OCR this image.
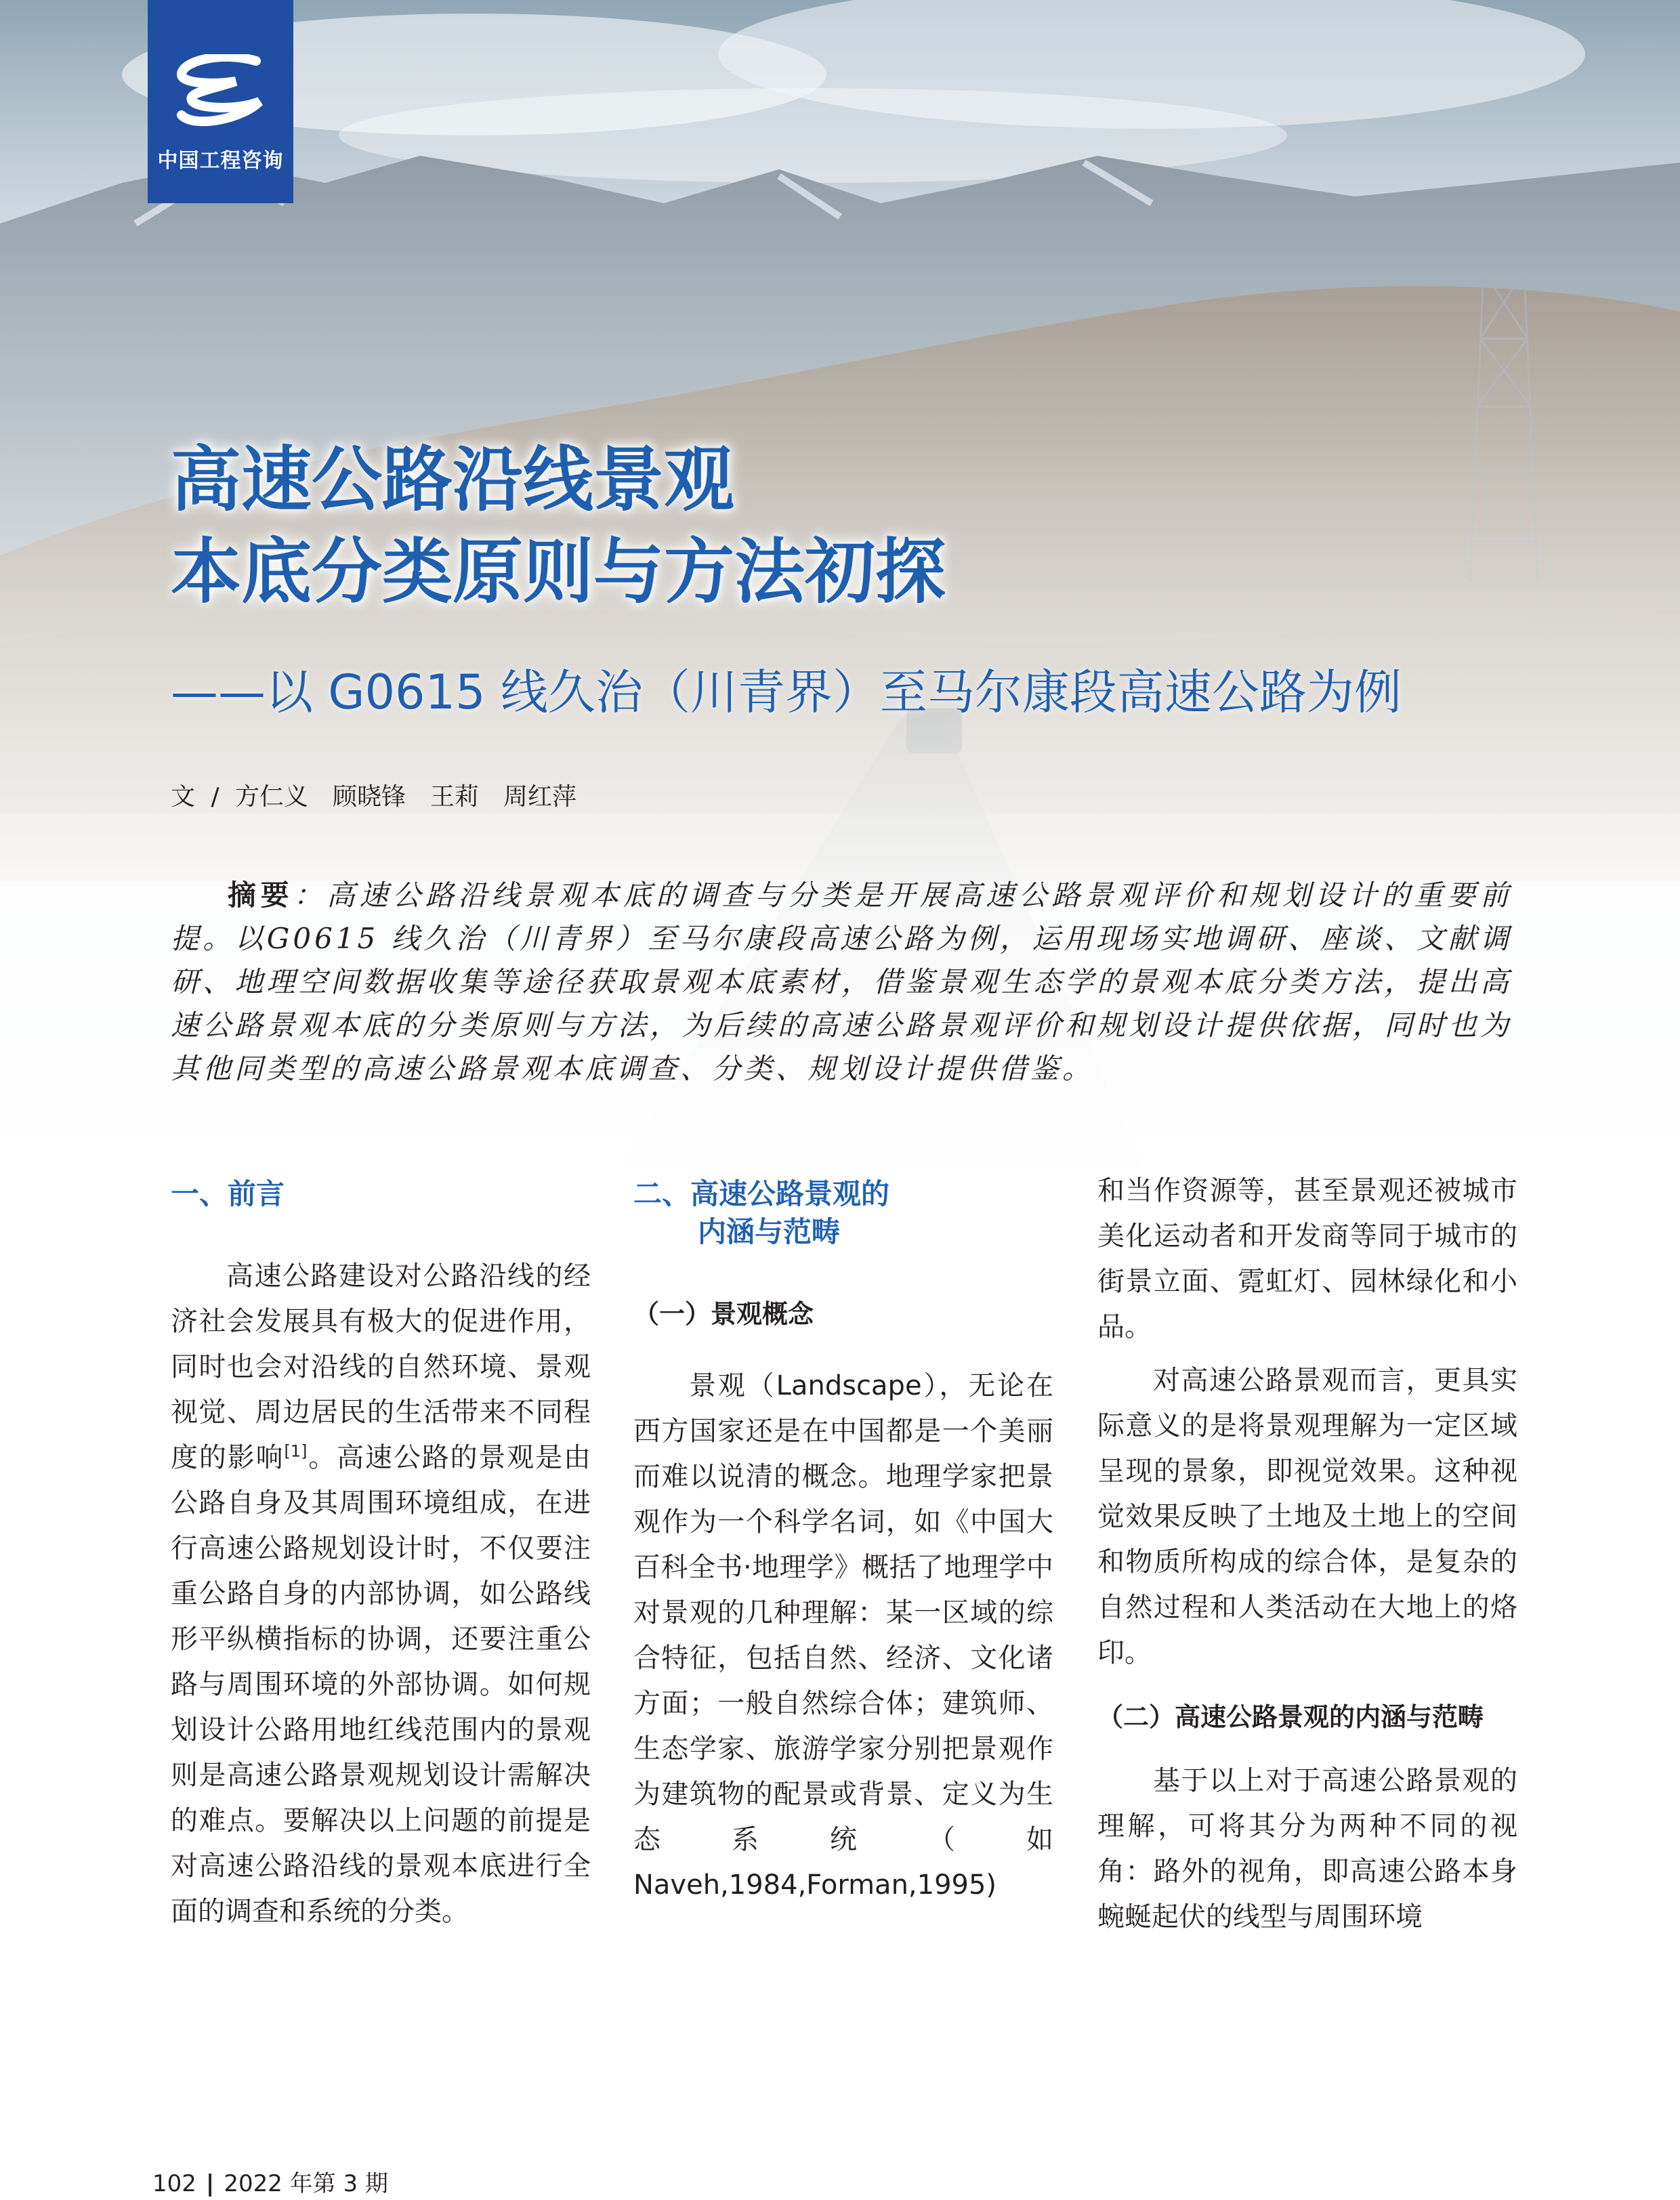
中国工程咨询
高速公路沿线景观
本底分类原则与方法初探
——以 G0615 线久治（川青界）至马尔康段高速公路为例
文 / 方仁义　顾晓锋　王莉　周红萍
摘要：高速公路沿线景观本底的调查与分类是开展高速公路景观评价和规划设计的重要前提。以G0615 线久治（川青界）至马尔康段高速公路为例，运用现场实地调研、座谈、文献调研、地理空间数据收集等途径获取景观本底素材，借鉴景观生态学的景观本底分类方法，提出高速公路景观本底的分类原则与方法，为后续的高速公路景观评价和规划设计提供依据，同时也为其他同类型的高速公路景观本底调查、分类、规划设计提供借鉴。
一、前言

高速公路建设对公路沿线的经济社会发展具有极大的促进作用，同时也会对沿线的自然环境、景观视觉、周边居民的生活带来不同程度的影响[1]。高速公路的景观是由公路自身及其周围环境组成，在进行高速公路规划设计时，不仅要注重公路自身的内部协调，如公路线形平纵横指标的协调，还要注重公路与周围环境的外部协调。如何规划设计公路用地红线范围内的景观则是高速公路景观规划设计需解决的难点。要解决以上问题的前提是对高速公路沿线的景观本底进行全面的调查和系统的分类。

二、高速公路景观的
内涵与范畴
（一）景观概念

景观（Landscape），无论在西方国家还是在中国都是一个美丽而难以说清的概念。地理学家把景观作为一个科学名词，如《中国大百科全书·地理学》概括了地理学中对景观的几种理解：某一区域的综合特征，包括自然、经济、文化诸方面；一般自然综合体；建筑师、生态学家、旅游学家分别把景观作为建筑物的配景或背景、定义为生态系统（如Naveh,1984,Forman,1995)

和当作资源等，甚至景观还被城市美化运动者和开发商等同于城市的街景立面、霓虹灯、园林绿化和小品。

对高速公路景观而言，更具实际意义的是将景观理解为一定区域呈现的景象，即视觉效果。这种视觉效果反映了土地及土地上的空间和物质所构成的综合体，是复杂的自然过程和人类活动在大地上的烙印。

（二）高速公路景观的内涵与范畴

基于以上对于高速公路景观的理解，可将其分为两种不同的视角：路外的视角，即高速公路本身蜿蜒起伏的线型与周围环境

102 | 2022 年第 3 期
